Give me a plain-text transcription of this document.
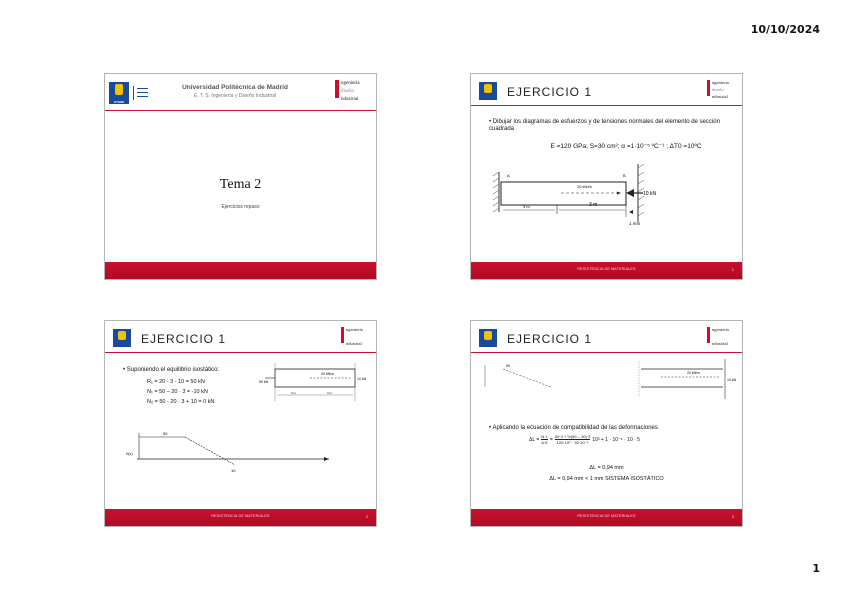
10/10/2024
1
ETSIDI
Universidad Politécnica de Madrid
E. T. S. Ingeniería y Diseño Industrial
ngeniería
diseño
ndustrial
Tema 2
Ejercicios repaso
EJERCICIO 1
ngeniería
diseño
ndustrial
• Dibujar los diagramas de esfuerzos y de tensiones normales del elemento de sección cuadrada
E =120 GPa; S=30 cm²; α =1·10⁻⁵ ºC⁻¹ ; ΔT0 =10ºC
A	B
20 kN/m
10 kN
3 m	3 m
1 mm
RESISTENCIA DE MATERIALES	1
EJERCICIO 1
ngeniería
ndustrial
• Suponiendo el equilibrio isostático:
R₁ = 20 · 3 - 10 = 50 kN
N₁ = 50 – 20 · 3 = -10 kN
N₂ = 50 - 20 · 3 + 10 = 0 kN
20 kN/m
50 kN
10 kN
3 m	3 m
50
10
N(x)
RESISTENCIA DE MATERIALES	2
EJERCICIO 1
ngeniería
ndustrial
50
20 kN/m
10 kN
• Aplicando la ecuación de compatibilidad de las deformaciones
$\Delta L = \frac{N\cdot L}{A\cdot E} = \frac{\text{50·3 + ½(50 – 10)·3}}{\text{120·10⁹ · 30·10⁻⁴}} 10^3 + 1 \cdot 10^{-5} \cdot 10 \cdot 5$
ΔL = 0,94 mm
ΔL = 0,94 mm < 1 mm SISTEMA ISOSTÁTICO
RESISTENCIA DE MATERIALES	3
